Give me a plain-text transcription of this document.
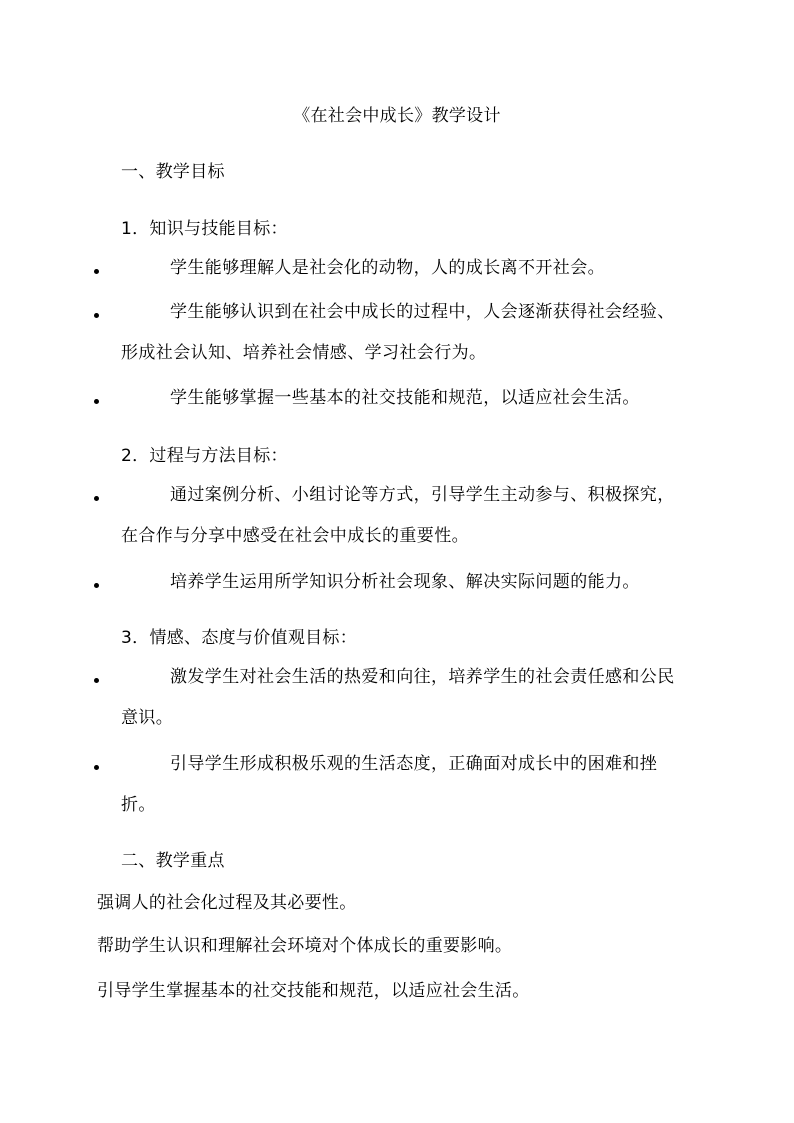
《在社会中成长》教学设计
一、教学目标
1．知识与技能目标：

学生能够理解人是社会化的动物，人的成长离不开社会。

学生能够认识到在社会中成长的过程中，人会逐渐获得社会经验、形成社会认知、培养社会情感、学习社会行为。

学生能够掌握一些基本的社交技能和规范，以适应社会生活。

2．过程与方法目标：

通过案例分析、小组讨论等方式，引导学生主动参与、积极探究，在合作与分享中感受在社会中成长的重要性。

培养学生运用所学知识分析社会现象、解决实际问题的能力。

3．情感、态度与价值观目标：

激发学生对社会生活的热爱和向往，培养学生的社会责任感和公民意识。

引导学生形成积极乐观的生活态度，正确面对成长中的困难和挫折。

二、教学重点
强调人的社会化过程及其必要性。
帮助学生认识和理解社会环境对个体成长的重要影响。
引导学生掌握基本的社交技能和规范，以适应社会生活。
